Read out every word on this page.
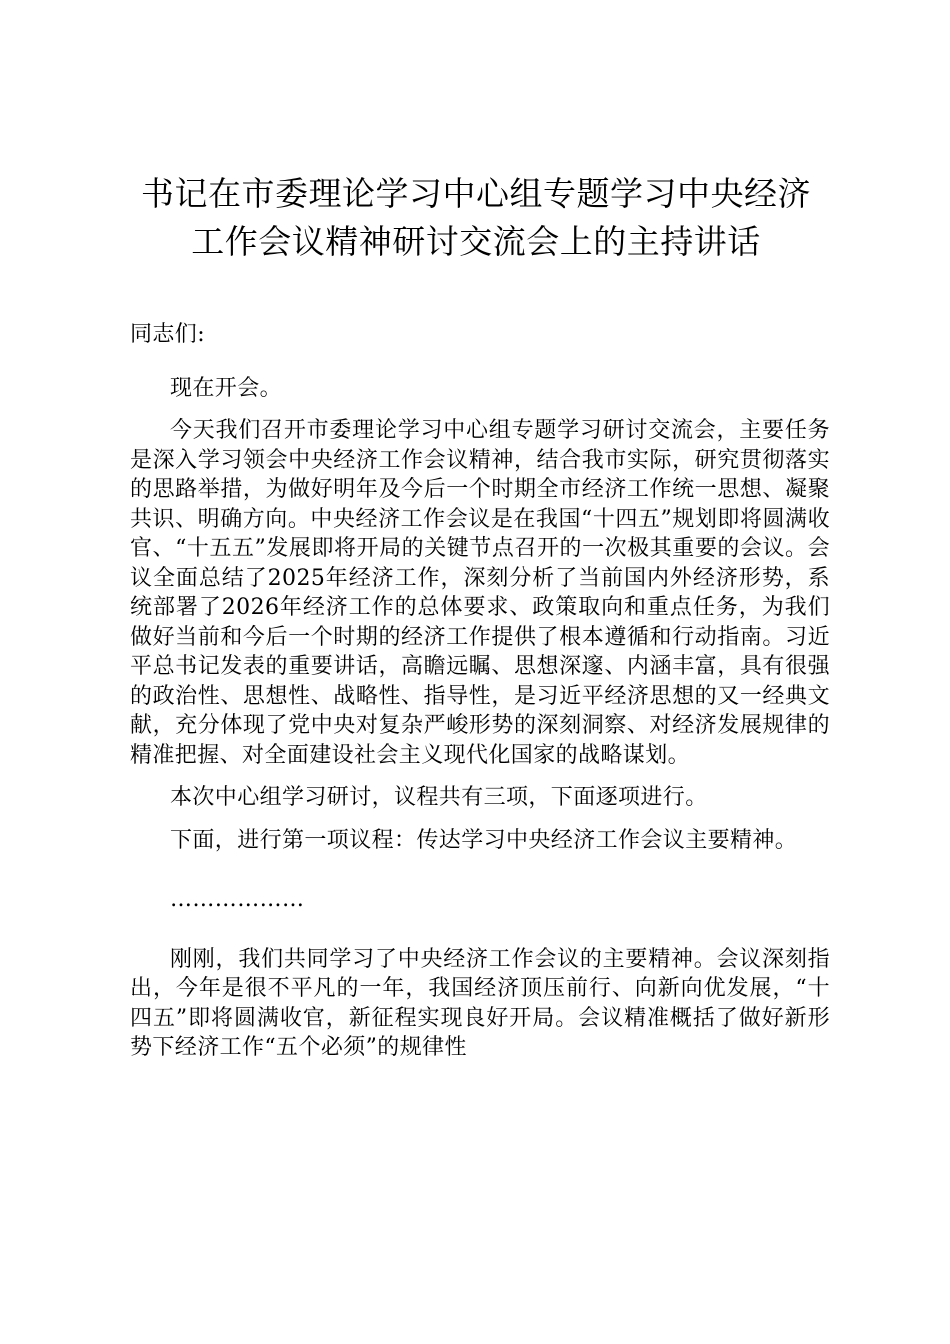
书记在市委理论学习中心组专题学习中央经济
工作会议精神研讨交流会上的主持讲话

同志们:

现在开会。

今天我们召开市委理论学习中心组专题学习研讨交流会，主要任务是深入学习领会中央经济工作会议精神，结合我市实际，研究贯彻落实的思路举措，为做好明年及今后一个时期全市经济工作统一思想、凝聚共识、明确方向。中央经济工作会议是在我国“十四五”规划即将圆满收官、“十五五”发展即将开局的关键节点召开的一次极其重要的会议。会议全面总结了2025年经济工作，深刻分析了当前国内外经济形势，系统部署了2026年经济工作的总体要求、政策取向和重点任务，为我们做好当前和今后一个时期的经济工作提供了根本遵循和行动指南。习近平总书记发表的重要讲话，高瞻远瞩、思想深邃、内涵丰富，具有很强的政治性、思想性、战略性、指导性，是习近平经济思想的又一经典文献，充分体现了党中央对复杂严峻形势的深刻洞察、对经济发展规律的精准把握、对全面建设社会主义现代化国家的战略谋划。

本次中心组学习研讨，议程共有三项，下面逐项进行。

下面，进行第一项议程：传达学习中央经济工作会议主要精神。

………………

刚刚，我们共同学习了中央经济工作会议的主要精神。会议深刻指出，今年是很不平凡的一年，我国经济顶压前行、向新向优发展，“十四五”即将圆满收官，新征程实现良好开局。会议精准概括了做好新形势下经济工作“五个必须”的规律性
